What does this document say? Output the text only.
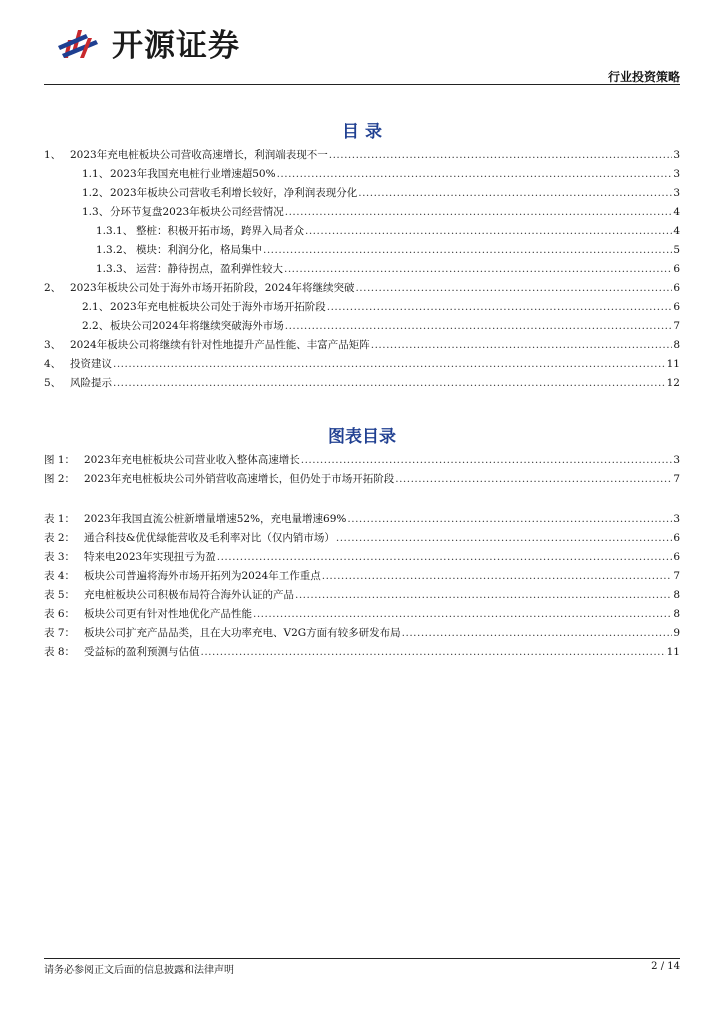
开源证券
行业投资策略
目 录
1、 2023年充电桩板块公司营收高速增长，利润端表现不一 .....	3
1.1、 2023年我国充电桩行业增速超50% .....	3
1.2、 2023年板块公司营收毛利增长较好，净利润表现分化 .....	3
1.3、 分环节复盘2023年板块公司经营情况 .....	4
1.3.1、 整桩：积极开拓市场，跨界入局者众 .....	4
1.3.2、 模块：利润分化，格局集中 .....	5
1.3.3、 运营：静待拐点，盈利弹性较大 .....	6
2、 2023年板块公司处于海外市场开拓阶段，2024年将继续突破 .....	6
2.1、 2023年充电桩板块公司处于海外市场开拓阶段 .....	6
2.2、 板块公司2024年将继续突破海外市场 .....	7
3、 2024年板块公司将继续有针对性地提升产品性能、丰富产品矩阵 .....	8
4、 投资建议 .....	11
5、 风险提示 .....	12
图表目录
图 1： 2023年充电桩板块公司营业收入整体高速增长 .....	3
图 2： 2023年充电桩板块公司外销营收高速增长，但仍处于市场开拓阶段 .....	7
表 1： 2023年我国直流公桩新增量增速52%，充电量增速69% .....	3
表 2： 通合科技&优优绿能营收及毛利率对比（仅内销市场） .....	6
表 3： 特来电2023年实现扭亏为盈 .....	6
表 4： 板块公司普遍将海外市场开拓列为2024年工作重点 .....	7
表 5： 充电桩板块公司积极布局符合海外认证的产品 .....	8
表 6： 板块公司更有针对性地优化产品性能 .....	8
表 7： 板块公司扩充产品品类，且在大功率充电、V2G方面有较多研发布局 .....	9
表 8： 受益标的盈利预测与估值 .....	11
请务必参阅正文后面的信息披露和法律声明	2 / 14
